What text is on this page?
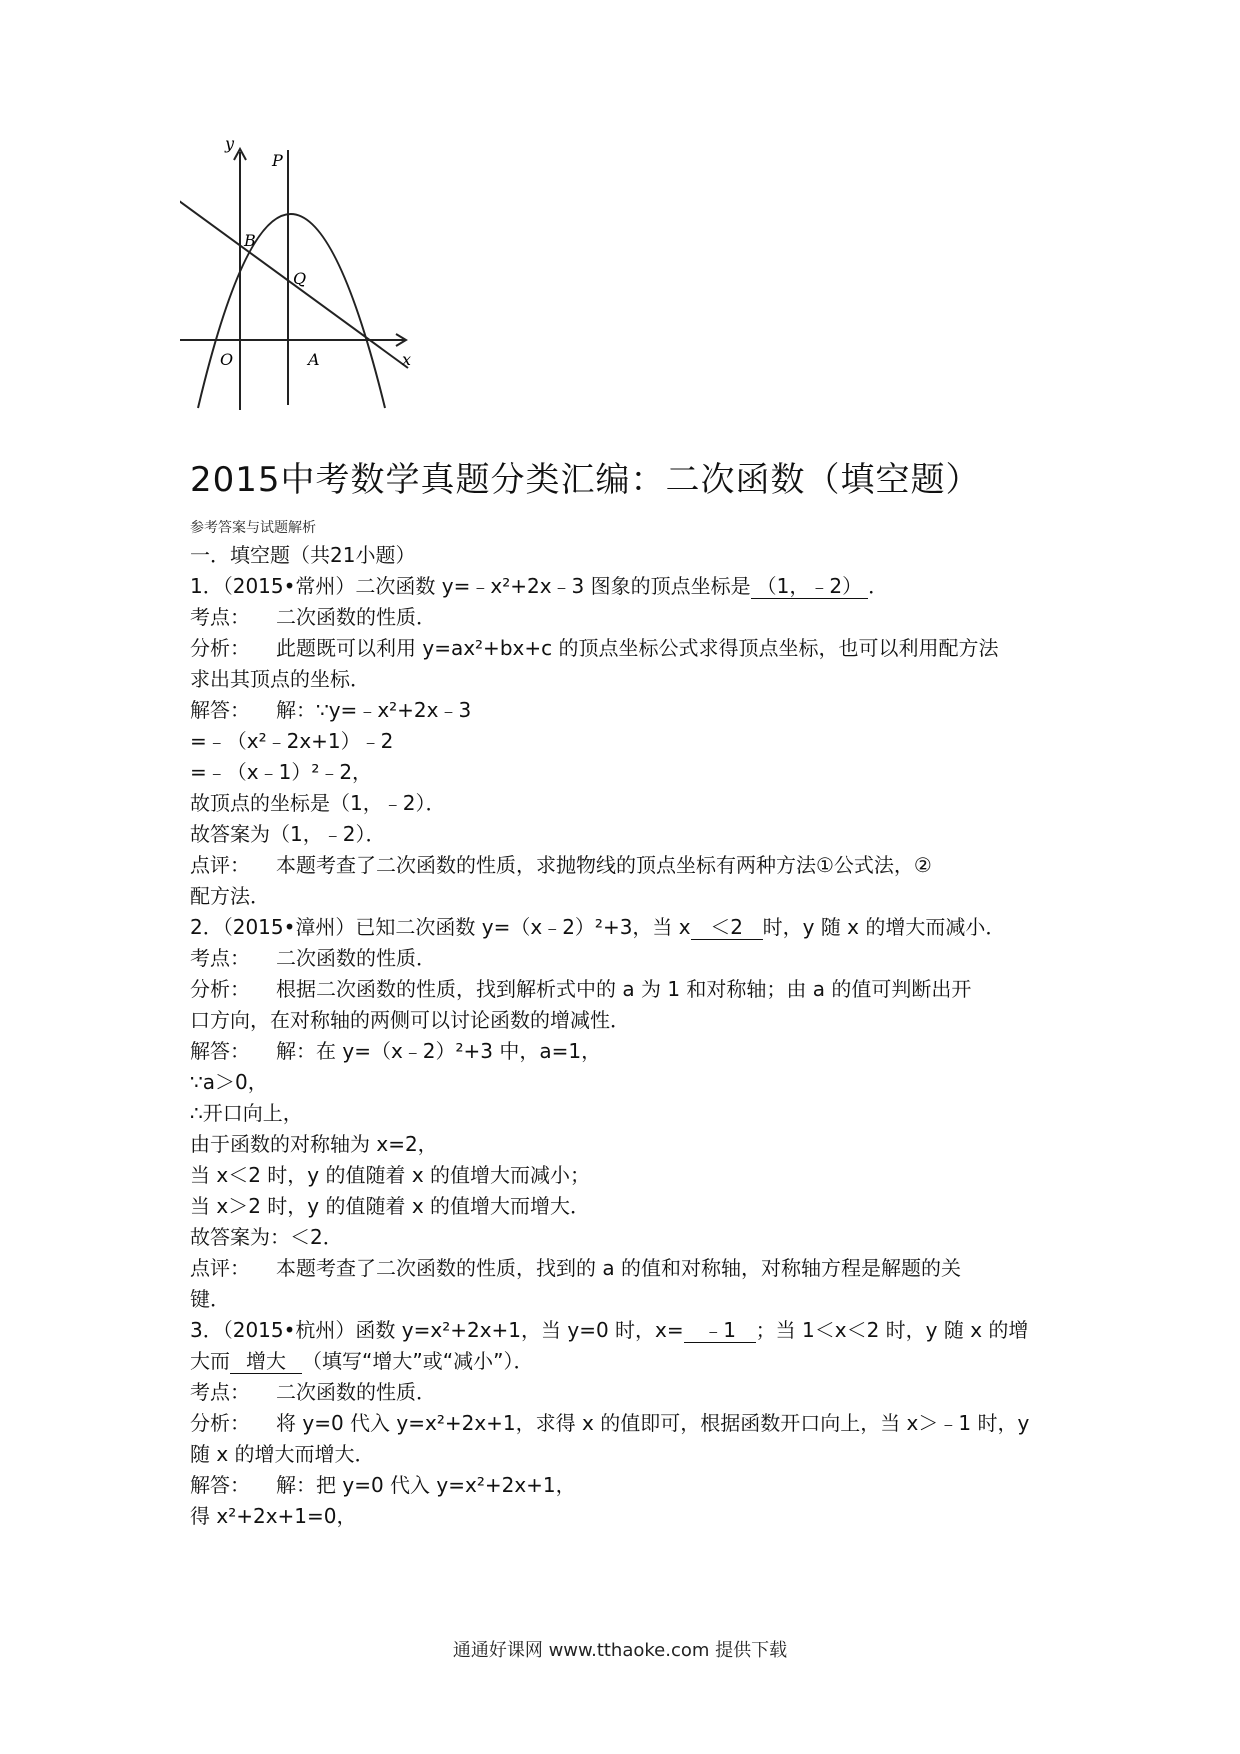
y
P
B
Q
O	A	x
2015中考数学真题分类汇编：二次函数（填空题）
参考答案与试题解析
一．填空题（共21小题）
1．（2015•常州）二次函数 y=﹣x²+2x﹣3 图象的顶点坐标是 （1，﹣2） ．
考点： 二次函数的性质．
分析： 此题既可以利用 y=ax²+bx+c 的顶点坐标公式求得顶点坐标，也可以利用配方法
求出其顶点的坐标．
解答： 解：∵y=﹣x²+2x﹣3
=﹣（x²﹣2x+1）﹣2
=﹣（x﹣1）²﹣2，
故顶点的坐标是（1，﹣2）．
故答案为（1，﹣2）．
点评： 本题考查了二次函数的性质，求抛物线的顶点坐标有两种方法①公式法，②
配方法．
2．（2015•漳州）已知二次函数 y=（x﹣2）²+3，当 x ＜2 时，y 随 x 的增大而减小．
考点： 二次函数的性质．
分析： 根据二次函数的性质，找到解析式中的 a 为 1 和对称轴；由 a 的值可判断出开
口方向，在对称轴的两侧可以讨论函数的增减性．
解答： 解：在 y=（x﹣2）²+3 中，a=1，
∵a＞0，
∴开口向上，
由于函数的对称轴为 x=2，
当 x＜2 时，y 的值随着 x 的值增大而减小；
当 x＞2 时，y 的值随着 x 的值增大而增大．
故答案为：＜2．
点评： 本题考查了二次函数的性质，找到的 a 的值和对称轴，对称轴方程是解题的关
键．
3．（2015•杭州）函数 y=x²+2x+1，当 y=0 时，x= ﹣1 ；当 1＜x＜2 时，y 随 x 的增
大而 增大 （填写“增大”或“减小”）．
考点： 二次函数的性质．
分析： 将 y=0 代入 y=x²+2x+1，求得 x 的值即可，根据函数开口向上，当 x＞﹣1 时，y
随 x 的增大而增大．
解答： 解：把 y=0 代入 y=x²+2x+1，
得 x²+2x+1=0，
通通好课网 www.tthaoke.com 提供下载
